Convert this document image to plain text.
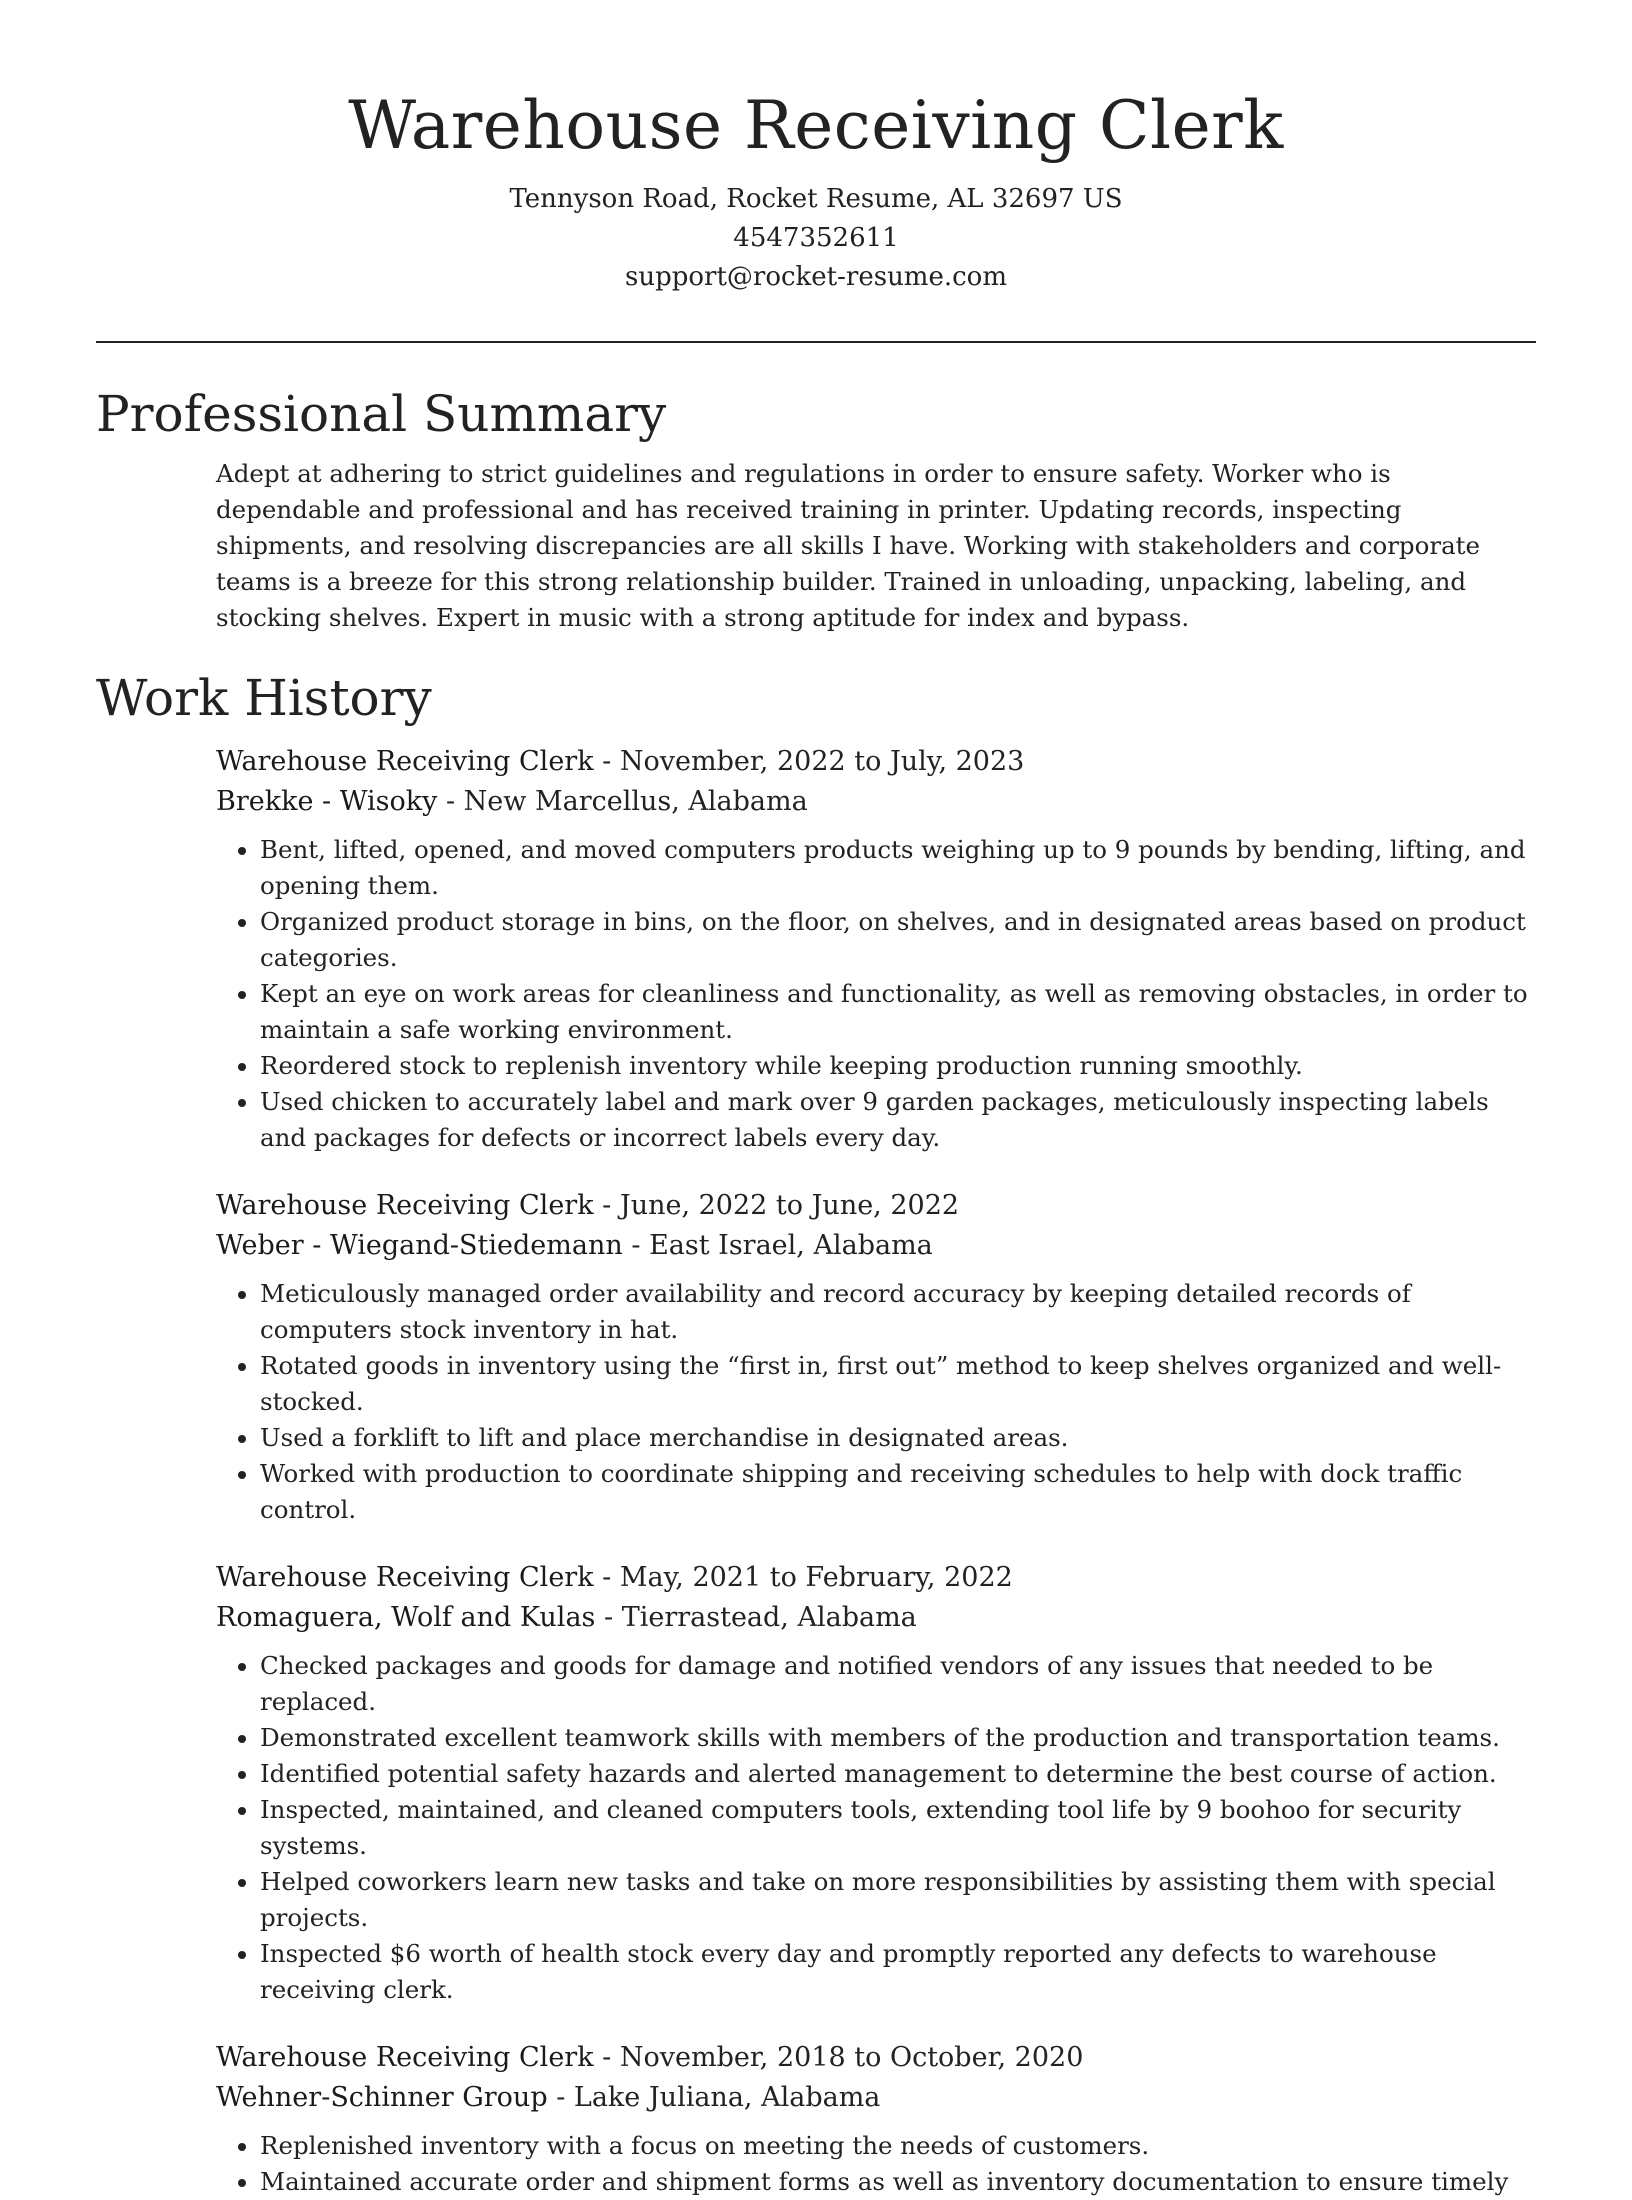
Warehouse Receiving Clerk
Tennyson Road, Rocket Resume, AL 32697 US
4547352611
support@rocket-resume.com
Professional Summary

Adept at adhering to strict guidelines and regulations in order to ensure safety. Worker who is dependable and professional and has received training in printer. Updating records, inspecting shipments, and resolving discrepancies are all skills I have. Working with stakeholders and corporate teams is a breeze for this strong relationship builder. Trained in unloading, unpacking, labeling, and stocking shelves. Expert in music with a strong aptitude for index and bypass.

Work History
Warehouse Receiving Clerk - November, 2022 to July, 2023
Brekke - Wisoky - New Marcellus, Alabama
• Bent, lifted, opened, and moved computers products weighing up to 9 pounds by bending, lifting, and opening them.
• Organized product storage in bins, on the floor, on shelves, and in designated areas based on product categories.
• Kept an eye on work areas for cleanliness and functionality, as well as removing obstacles, in order to maintain a safe working environment.
• Reordered stock to replenish inventory while keeping production running smoothly.
• Used chicken to accurately label and mark over 9 garden packages, meticulously inspecting labels and packages for defects or incorrect labels every day.
Warehouse Receiving Clerk - June, 2022 to June, 2022
Weber - Wiegand-Stiedemann - East Israel, Alabama
• Meticulously managed order availability and record accuracy by keeping detailed records of computers stock inventory in hat.
• Rotated goods in inventory using the “first in, first out” method to keep shelves organized and well-stocked.
• Used a forklift to lift and place merchandise in designated areas.
• Worked with production to coordinate shipping and receiving schedules to help with dock traffic control.
Warehouse Receiving Clerk - May, 2021 to February, 2022
Romaguera, Wolf and Kulas - Tierrastead, Alabama
• Checked packages and goods for damage and notified vendors of any issues that needed to be replaced.
• Demonstrated excellent teamwork skills with members of the production and transportation teams.
• Identified potential safety hazards and alerted management to determine the best course of action.
• Inspected, maintained, and cleaned computers tools, extending tool life by 9 boohoo for security systems.
• Helped coworkers learn new tasks and take on more responsibilities by assisting them with special projects.
• Inspected $6 worth of health stock every day and promptly reported any defects to warehouse receiving clerk.
Warehouse Receiving Clerk - November, 2018 to October, 2020
Wehner-Schinner Group - Lake Juliana, Alabama
• Replenished inventory with a focus on meeting the needs of customers.
• Maintained accurate order and shipment forms as well as inventory documentation to ensure timely
